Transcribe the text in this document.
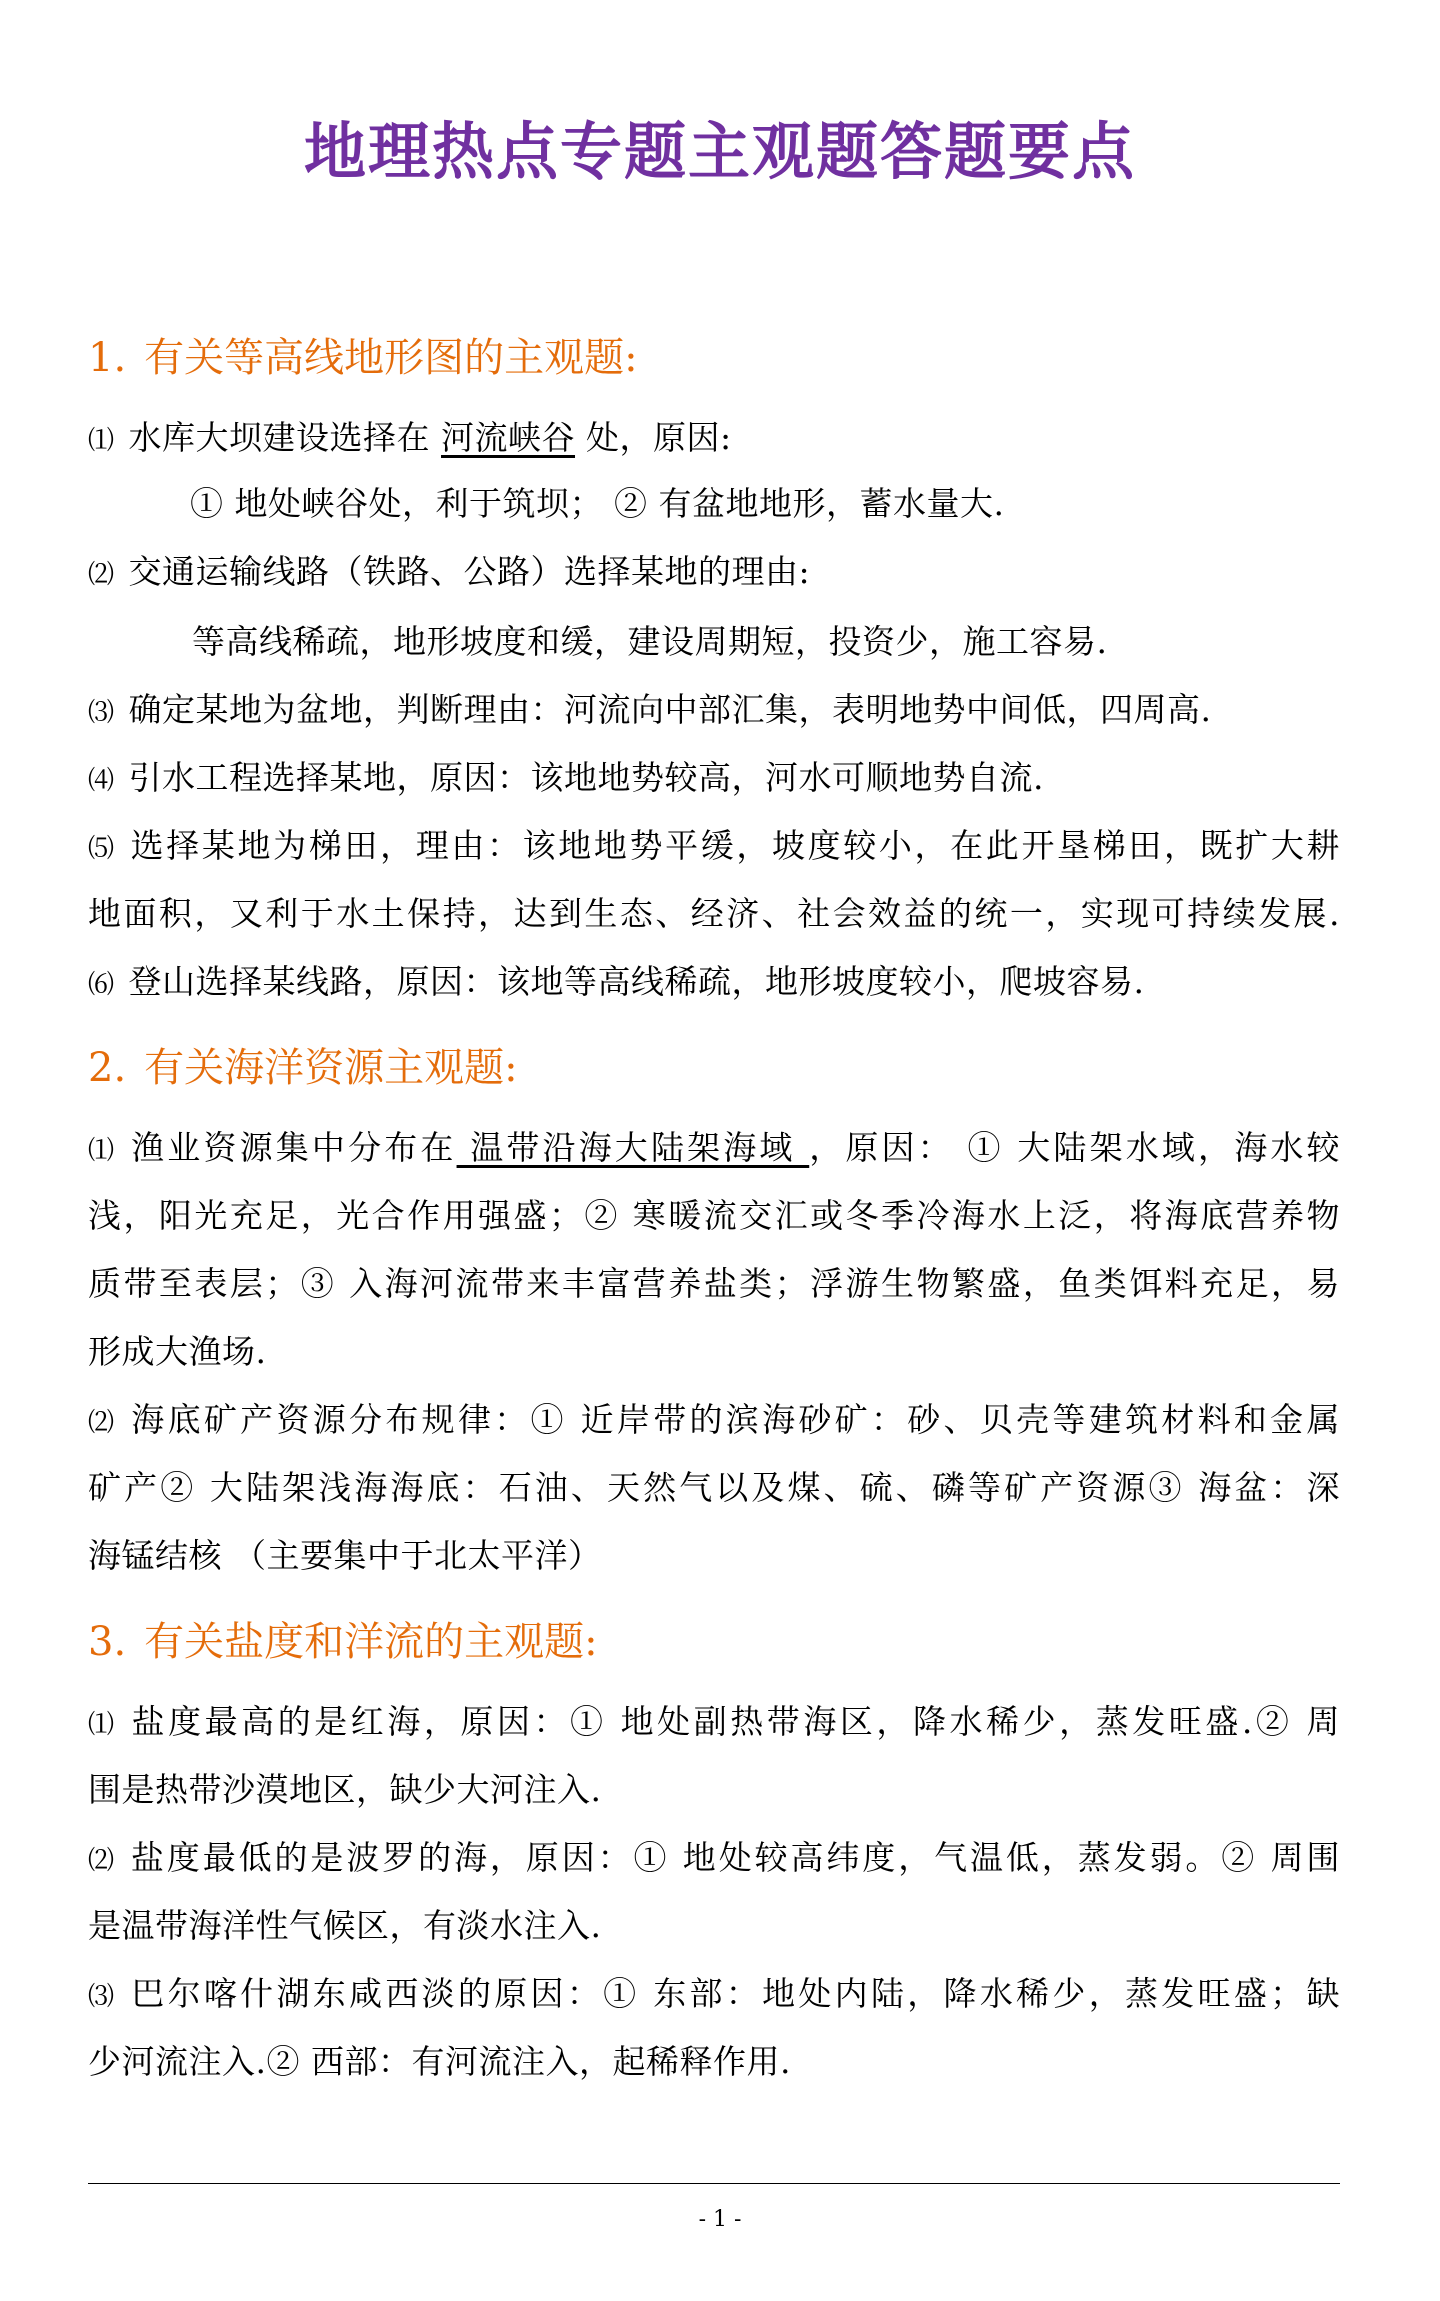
地理热点专题主观题答题要点
1. 有关等高线地形图的主观题:
⑴ 水库大坝建设选择在 河流峡谷 处，原因:
① 地处峡谷处，利于筑坝； ② 有盆地地形，蓄水量大.
⑵ 交通运输线路（铁路、公路）选择某地的理由:
等高线稀疏，地形坡度和缓，建设周期短，投资少，施工容易.
⑶ 确定某地为盆地，判断理由：河流向中部汇集，表明地势中间低，四周高.
⑷ 引水工程选择某地，原因：该地地势较高，河水可顺地势自流.
⑸ 选择某地为梯田，理由：该地地势平缓，坡度较小，在此开垦梯田，既扩大耕
地面积，又利于水土保持，达到生态、经济、社会效益的统一，实现可持续发展.
⑹ 登山选择某线路，原因：该地等高线稀疏，地形坡度较小，爬坡容易.
2. 有关海洋资源主观题:
⑴ 渔业资源集中分布在 温带沿海大陆架海域 ，原因： ① 大陆架水域，海水较
浅，阳光充足，光合作用强盛；② 寒暖流交汇或冬季冷海水上泛，将海底营养物
质带至表层；③ 入海河流带来丰富营养盐类；浮游生物繁盛，鱼类饵料充足，易
形成大渔场.
⑵ 海底矿产资源分布规律：① 近岸带的滨海砂矿：砂、贝壳等建筑材料和金属
矿产② 大陆架浅海海底：石油、天然气以及煤、硫、磷等矿产资源③ 海盆：深
海锰结核 （主要集中于北太平洋）
3. 有关盐度和洋流的主观题:
⑴ 盐度最高的是红海，原因：① 地处副热带海区，降水稀少，蒸发旺盛.② 周
围是热带沙漠地区，缺少大河注入.
⑵ 盐度最低的是波罗的海，原因：① 地处较高纬度，气温低，蒸发弱。② 周围
是温带海洋性气候区，有淡水注入.
⑶ 巴尔喀什湖东咸西淡的原因：① 东部：地处内陆，降水稀少，蒸发旺盛；缺
少河流注入.② 西部：有河流注入，起稀释作用.
- 1 -
